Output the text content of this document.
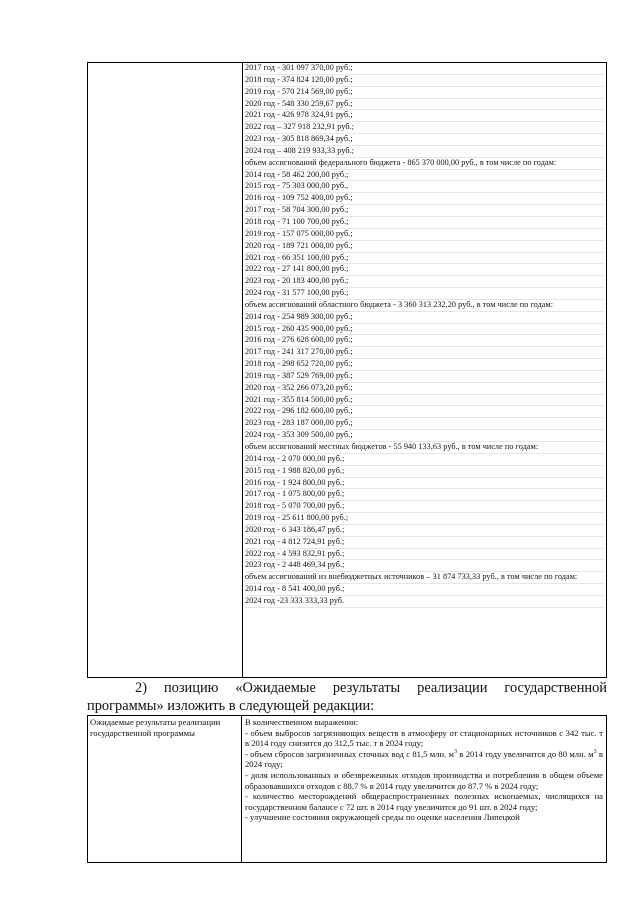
2017 год - 301 097 370,00 руб.;
2018 год - 374 824 120,00 руб.;
2019 год - 570 214 569,00 руб.;
2020 год - 548 330 259,67 руб.;
2021 год - 426 978 324,91 руб.;
2022 год – 327 918 232,91 руб.;
2023 год - 305 818 869,34 руб.;
2024 год – 408 219 933,33 руб.;
объем ассигнований федерального бюджета - 865 370 000,00 руб., в том числе по годам:
2014 год - 58 462 200,00 руб.;
2015 год - 75 303 000,00 руб.,
2016 год - 109 752 400,00 руб.;
2017 год - 58 704 300,00 руб.;
2018 год - 71 100 700,00 руб.;
2019 год - 157 075 000,00 руб.;
2020 год - 189 721 000,00 руб.;
2021 год - 66 351 100,00 руб.;
2022 год - 27 141 800,00 руб.;
2023 год - 20 183 400,00 руб.;
2024 год - 31 577 100,00 руб.;
объем ассигнований областного бюджета - 3 360 313 232,20 руб., в том числе по годам:
2014 год - 254 989 300,00 руб.;
2015 год - 260 435 900,00 руб.;
2016 год - 276 628 600,00 руб.;
2017 год - 241 317 270,00 руб.;
2018 год - 298 652 720,00 руб.;
2019 год - 387 529 769,00 руб.;
2020 год - 352 266 073,20 руб.;
2021 год - 355 814 500,00 руб.;
2022 год - 296 182 600,00 руб.;
2023 год - 283 187 000,00 руб.;
2024 год - 353 309 500,00 руб.;
объем ассигнований местных бюджетов - 55 940 133,63 руб., в том числе по годам:
2014 год - 2 070 000,00 руб.;
2015 год - 1 988 820,00 руб.;
2016 год - 1 924 800,00 руб.;
2017 год - 1 075 800,00 руб.;
2018 год - 5 070 700,00 руб.;
2019 год - 25 611 800,00 руб.;
2020 год - 6 343 186,47 руб.;
2021 год - 4 812 724,91 руб.;
2022 год - 4 593 832,91 руб.;
2023 год - 2 448 469,34 руб.;
объем ассигнований из внебюджетных источников – 31 874 733,33 руб., в том числе по годам:
2014 год - 8 541 400,00 руб.;
2024 год -23 333 333,33 руб.
2) позицию «Ожидаемые результаты реализации государственной программы» изложить в следующей редакции:
Ожидаемые результаты реализации государственной программы
В количественном выражении:
- объем выбросов загрязняющих веществ в атмосферу от стационарных источников с 342 тыс. т в 2014 году снизится до 312,5 тыс. т в 2024 году;
- объем сбросов загрязненных сточных вод с 81,5 млн. $м^3$ в 2014 году увеличится до 80 млн. $м^3$ в 2024 году;
- доля использованных и обезвреженных отходов производства и потребления в общем объеме образовавшихся отходов с 88.7 % в 2014 году увеличится до 87.7 % в 2024 году;
- количество месторождений общераспространенных полезных ископаемых, числящихся на государственном балансе с 72 шт. в 2014 году увеличится до 91 шт. в 2024 году;
- улучшение состояния окружающей среды по оценке населения Липецкой
